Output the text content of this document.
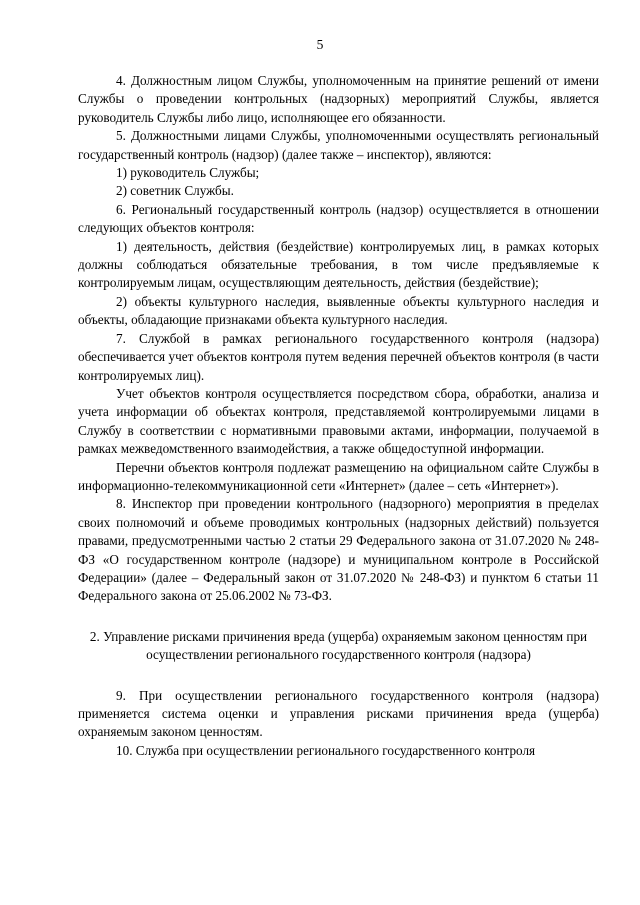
5

4. Должностным лицом Службы, уполномоченным на принятие решений от имени Службы о проведении контрольных (надзорных) мероприятий Службы, является руководитель Службы либо лицо, исполняющее его обязанности.

5. Должностными лицами Службы, уполномоченными осуществлять региональный государственный контроль (надзор) (далее также – инспектор), являются:

1) руководитель Службы;

2) советник Службы.

6. Региональный государственный контроль (надзор) осуществляется в отношении следующих объектов контроля:

1) деятельность, действия (бездействие) контролируемых лиц, в рамках которых должны соблюдаться обязательные требования, в том числе предъявляемые к контролируемым лицам, осуществляющим деятельность, действия (бездействие);

2) объекты культурного наследия, выявленные объекты культурного наследия и объекты, обладающие признаками объекта культурного наследия.

7. Службой в рамках регионального государственного контроля (надзора) обеспечивается учет объектов контроля путем ведения перечней объектов контроля (в части контролируемых лиц).

Учет объектов контроля осуществляется посредством сбора, обработки, анализа и учета информации об объектах контроля, представляемой контролируемыми лицами в Службу в соответствии с нормативными правовыми актами, информации, получаемой в рамках межведомственного взаимодействия, а также общедоступной информации.

Перечни объектов контроля подлежат размещению на официальном сайте Службы в информационно-телекоммуникационной сети «Интернет» (далее – сеть «Интернет»).

8. Инспектор при проведении контрольного (надзорного) мероприятия в пределах своих полномочий и объеме проводимых контрольных (надзорных действий) пользуется правами, предусмотренными частью 2 статьи 29 Федерального закона от 31.07.2020 № 248-ФЗ «О государственном контроле (надзоре) и муниципальном контроле в Российской Федерации» (далее – Федеральный закон от 31.07.2020 № 248-ФЗ) и пунктом 6 статьи 11 Федерального закона от 25.06.2002 № 73-ФЗ.

2. Управление рисками причинения вреда (ущерба) охраняемым законом ценностям при осуществлении регионального государственного контроля (надзора)

9. При осуществлении регионального государственного контроля (надзора) применяется система оценки и управления рисками причинения вреда (ущерба) охраняемым законом ценностям.

10. Служба при осуществлении регионального государственного контроля
